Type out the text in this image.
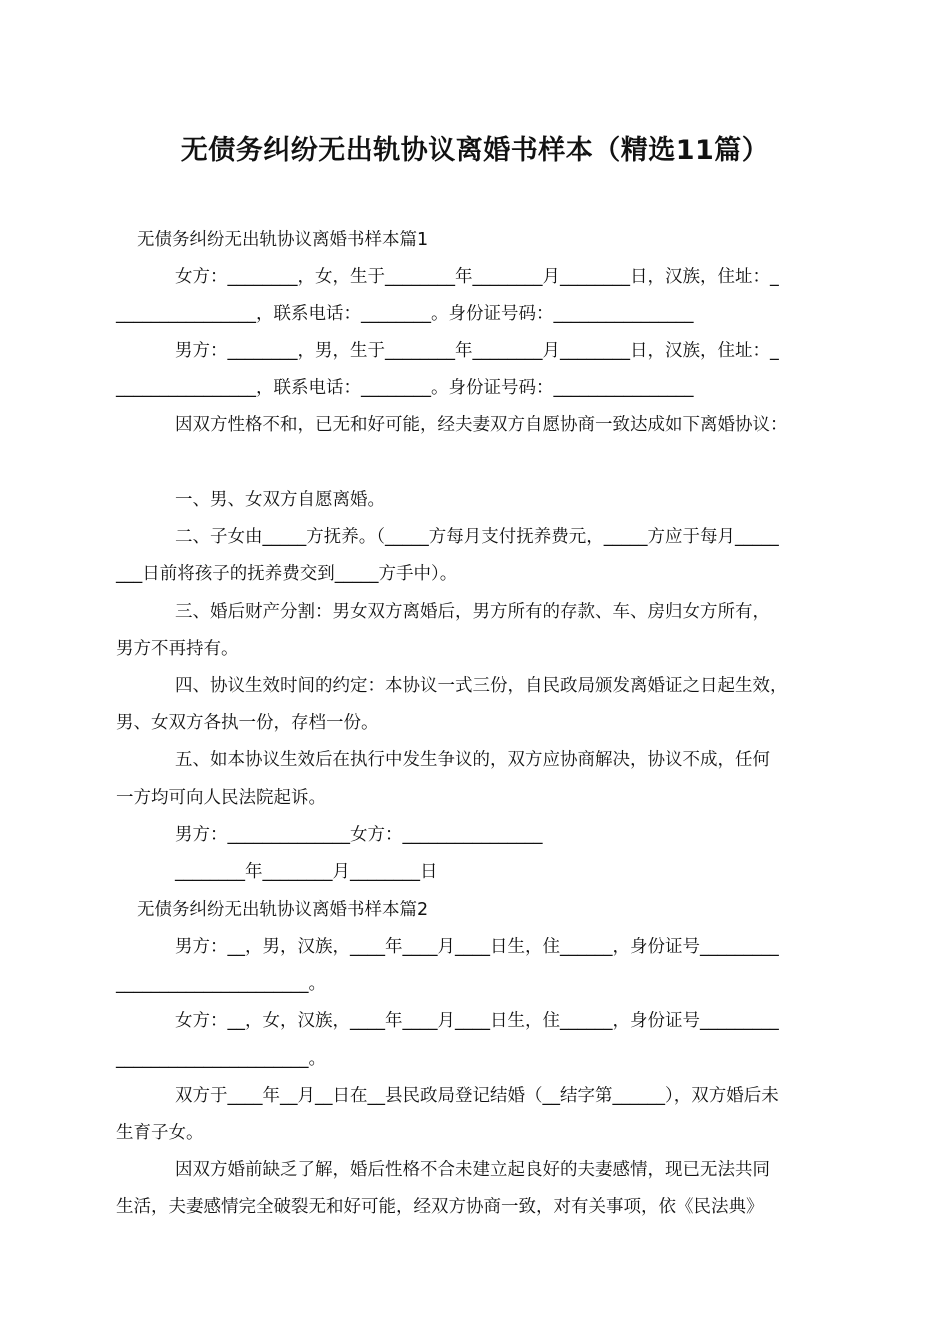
无债务纠纷无出轨协议离婚书样本（精选11篇）
无债务纠纷无出轨协议离婚书样本篇1
女方：________，女，生于________年________月________日，汉族，住址：_
________________，联系电话：________。身份证号码：________________
男方：________，男，生于________年________月________日，汉族，住址：_
________________，联系电话：________。身份证号码：________________
因双方性格不和，已无和好可能，经夫妻双方自愿协商一致达成如下离婚协议：
一、男、女双方自愿离婚。
二、子女由_____方抚养。（_____方每月支付抚养费元，_____方应于每月_____
___日前将孩子的抚养费交到_____方手中）。
三、婚后财产分割：男女双方离婚后，男方所有的存款、车、房归女方所有，
男方不再持有。
四、协议生效时间的约定：本协议一式三份，自民政局颁发离婚证之日起生效，
男、女双方各执一份，存档一份。
五、如本协议生效后在执行中发生争议的，双方应协商解决，协议不成，任何
一方均可向人民法院起诉。
男方：______________女方：________________
________年________月________日
无债务纠纷无出轨协议离婚书样本篇2
男方：__，男，汉族，____年____月____日生，住______，身份证号_________
______________________。
女方：__，女，汉族，____年____月____日生，住______，身份证号_________
______________________。
双方于____年__月__日在__县民政局登记结婚（__结字第______），双方婚后未
生育子女。
因双方婚前缺乏了解，婚后性格不合未建立起良好的夫妻感情，现已无法共同
生活，夫妻感情完全破裂无和好可能，经双方协商一致，对有关事项，依《民法典》
